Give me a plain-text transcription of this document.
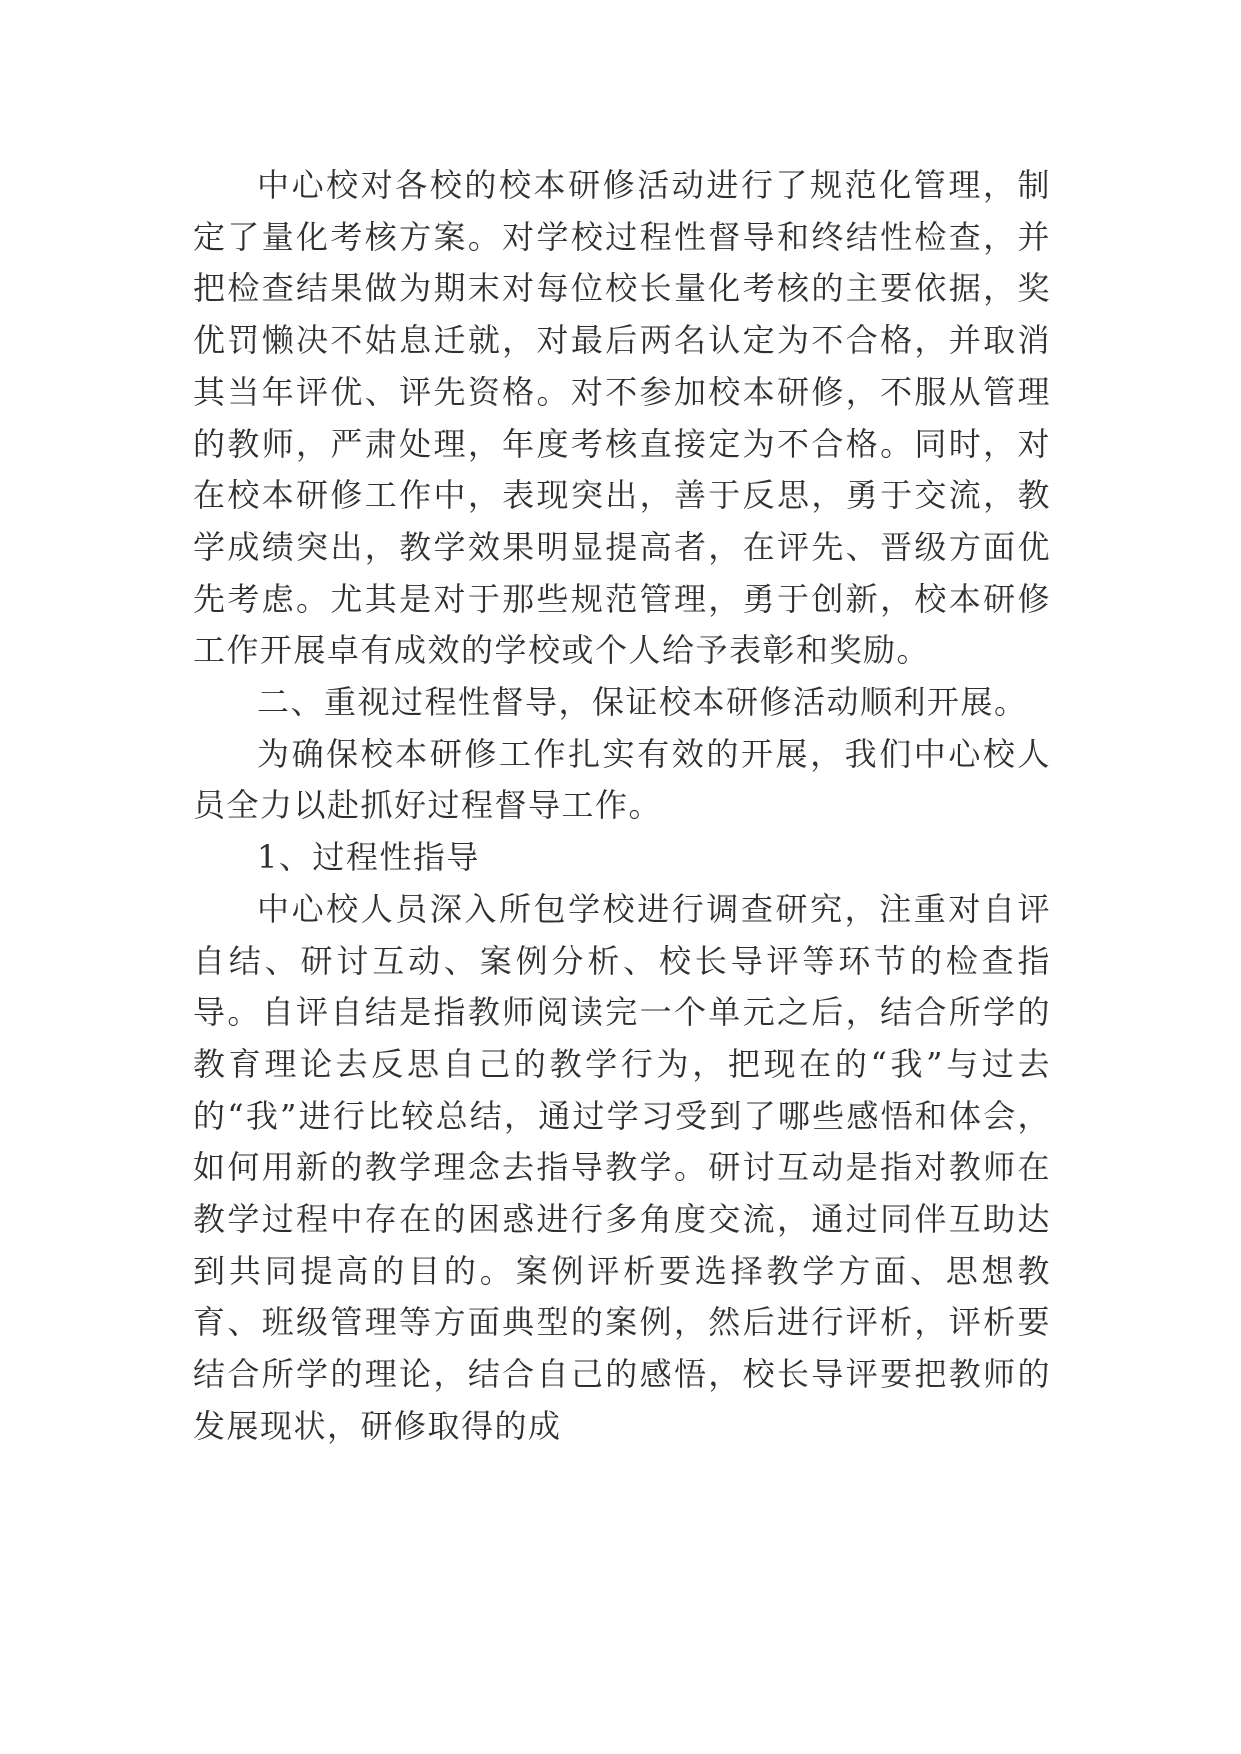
中心校对各校的校本研修活动进行了规范化管理，制定了量化考核方案。对学校过程性督导和终结性检查，并把检查结果做为期末对每位校长量化考核的主要依据，奖优罚懒决不姑息迁就，对最后两名认定为不合格，并取消其当年评优、评先资格。对不参加校本研修，不服从管理的教师，严肃处理，年度考核直接定为不合格。同时，对在校本研修工作中，表现突出，善于反思，勇于交流，教学成绩突出，教学效果明显提高者，在评先、晋级方面优先考虑。尤其是对于那些规范管理，勇于创新，校本研修工作开展卓有成效的学校或个人给予表彰和奖励。

二、重视过程性督导，保证校本研修活动顺利开展。

为确保校本研修工作扎实有效的开展，我们中心校人员全力以赴抓好过程督导工作。

1、过程性指导

中心校人员深入所包学校进行调查研究，注重对自评自结、研讨互动、案例分析、校长导评等环节的检查指导。自评自结是指教师阅读完一个单元之后，结合所学的教育理论去反思自己的教学行为，把现在的“我”与过去的“我”进行比较总结，通过学习受到了哪些感悟和体会，如何用新的教学理念去指导教学。研讨互动是指对教师在教学过程中存在的困惑进行多角度交流，通过同伴互助达到共同提高的目的。案例评析要选择教学方面、思想教育、班级管理等方面典型的案例，然后进行评析，评析要结合所学的理论，结合自己的感悟，校长导评要把教师的发展现状，研修取得的成
